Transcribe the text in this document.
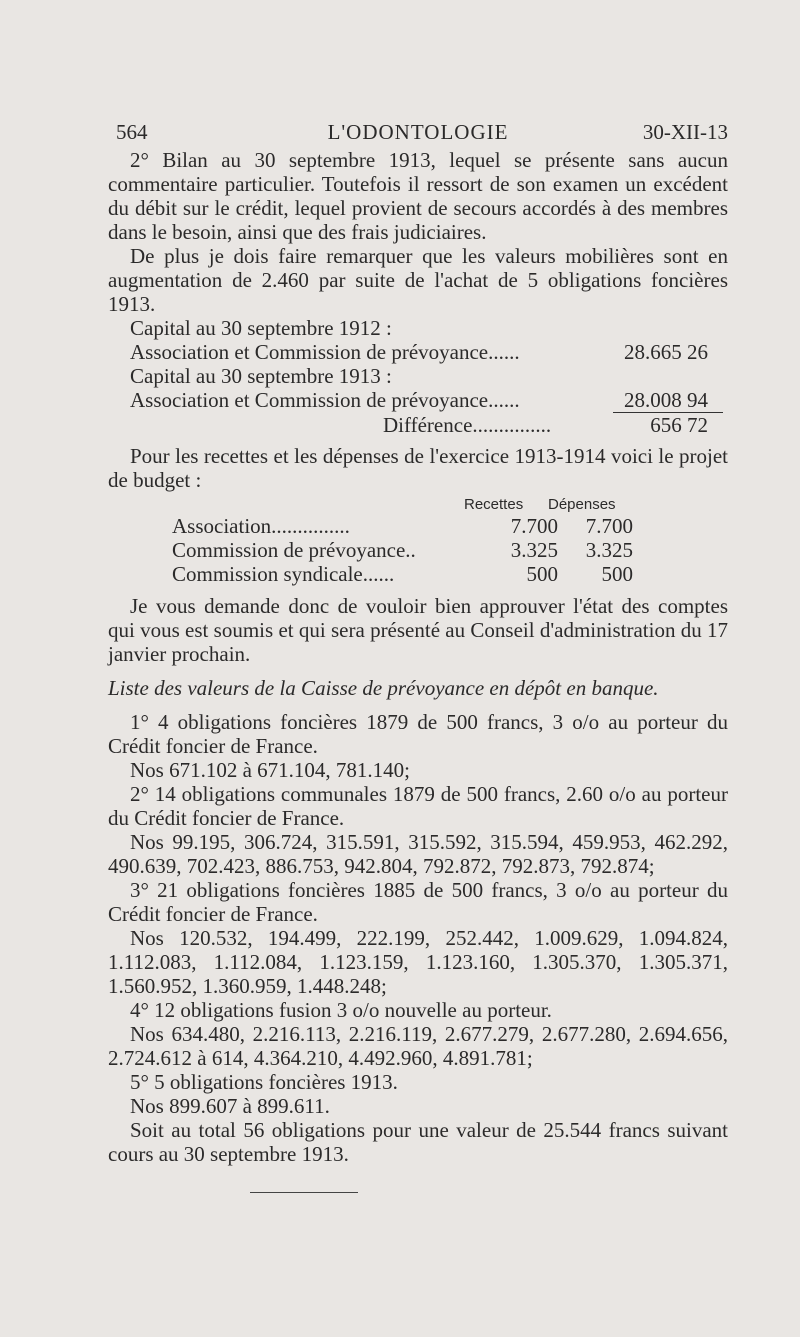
564	L'ODONTOLOGIE	30-XII-13

2° Bilan au 30 septembre 1913, lequel se présente sans aucun commentaire particulier. Toutefois il ressort de son examen un excédent du débit sur le crédit, lequel provient de secours accordés à des membres dans le besoin, ainsi que des frais judiciaires.

De plus je dois faire remarquer que les valeurs mobilières sont en augmentation de 2.460 par suite de l'achat de 5 obligations foncières 1913.

Capital au 30 septembre 1912 :
Association et Commission de prévoyance......	28.665 26
Capital au 30 septembre 1913 :
Association et Commission de prévoyance......	28.008 94
Différence...............	656 72

Pour les recettes et les dépenses de l'exercice 1913-1914 voici le projet de budget :

Recettes Dépenses
Association...............	7.700	7.700
Commission de prévoyance..	3.325	3.325
Commission syndicale......	500	500

Je vous demande donc de vouloir bien approuver l'état des comptes qui vous est soumis et qui sera présenté au Conseil d'administration du 17 janvier prochain.

Liste des valeurs de la Caisse de prévoyance en dépôt en banque.

1° 4 obligations foncières 1879 de 500 francs, 3 o/o au porteur du Crédit foncier de France.

Nos 671.102 à 671.104, 781.140;

2° 14 obligations communales 1879 de 500 francs, 2.60 o/o au porteur du Crédit foncier de France.

Nos 99.195, 306.724, 315.591, 315.592, 315.594, 459.953, 462.292, 490.639, 702.423, 886.753, 942.804, 792.872, 792.873, 792.874;

3° 21 obligations foncières 1885 de 500 francs, 3 o/o au porteur du Crédit foncier de France.

Nos 120.532, 194.499, 222.199, 252.442, 1.009.629, 1.094.824, 1.112.083, 1.112.084, 1.123.159, 1.123.160, 1.305.370, 1.305.371, 1.560.952, 1.360.959, 1.448.248;

4° 12 obligations fusion 3 o/o nouvelle au porteur.

Nos 634.480, 2.216.113, 2.216.119, 2.677.279, 2.677.280, 2.694.656, 2.724.612 à 614, 4.364.210, 4.492.960, 4.891.781;

5° 5 obligations foncières 1913.

Nos 899.607 à 899.611.

Soit au total 56 obligations pour une valeur de 25.544 francs suivant cours au 30 septembre 1913.
